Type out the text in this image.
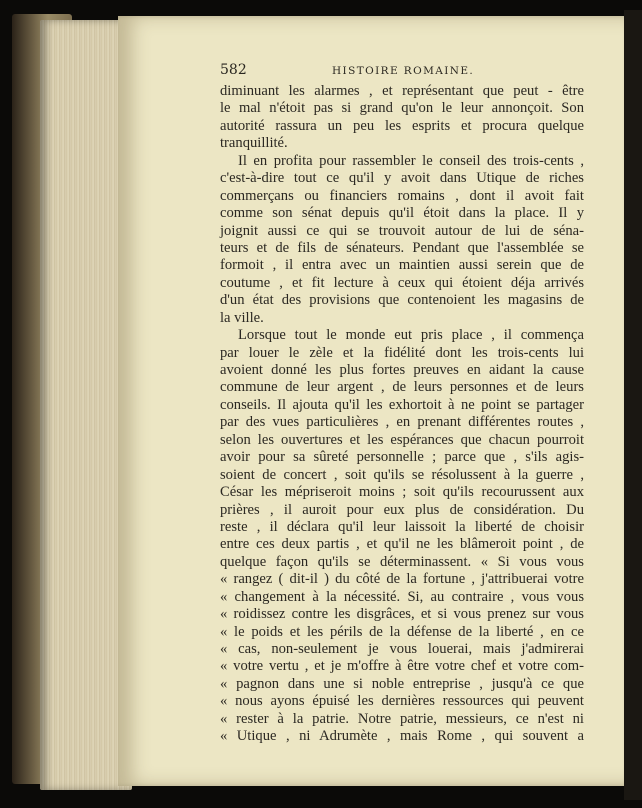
582	HISTOIRE ROMAINE.
diminuant les alarmes , et représentant que peut - être
le mal n'étoit pas si grand qu'on le leur annonçoit. Son
autorité rassura un peu les esprits et procura quelque
tranquillité.
Il en profita pour rassembler le conseil des trois-cents ,
c'est-à-dire tout ce qu'il y avoit dans Utique de riches
commerçans ou financiers romains , dont il avoit fait
comme son sénat depuis qu'il étoit dans la place. Il y
joignit aussi ce qui se trouvoit autour de lui de séna-
teurs et de fils de sénateurs. Pendant que l'assemblée se
formoit , il entra avec un maintien aussi serein que de
coutume , et fit lecture à ceux qui étoient déja arrivés
d'un état des provisions que contenoient les magasins de
la ville.
Lorsque tout le monde eut pris place , il commença
par louer le zèle et la fidélité dont les trois-cents lui
avoient donné les plus fortes preuves en aidant la cause
commune de leur argent , de leurs personnes et de leurs
conseils. Il ajouta qu'il les exhortoit à ne point se partager
par des vues particulières , en prenant différentes routes ,
selon les ouvertures et les espérances que chacun pourroit
avoir pour sa sûreté personnelle ; parce que , s'ils agis-
soient de concert , soit qu'ils se résolussent à la guerre ,
César les mépriseroit moins ; soit qu'ils recourussent aux
prières , il auroit pour eux plus de considération. Du
reste , il déclara qu'il leur laissoit la liberté de choisir
entre ces deux partis , et qu'il ne les blâmeroit point , de
quelque façon qu'ils se déterminassent. « Si vous vous
« rangez ( dit-il ) du côté de la fortune , j'attribuerai votre
« changement à la nécessité. Si, au contraire , vous vous
« roidissez contre les disgrâces, et si vous prenez sur vous
« le poids et les périls de la défense de la liberté , en ce
« cas, non-seulement je vous louerai, mais j'admirerai
« votre vertu , et je m'offre à être votre chef et votre com-
« pagnon dans une si noble entreprise , jusqu'à ce que
« nous ayons épuisé les dernières ressources qui peuvent
« rester à la patrie. Notre patrie, messieurs, ce n'est ni
« Utique , ni Adrumète , mais Rome , qui souvent a
